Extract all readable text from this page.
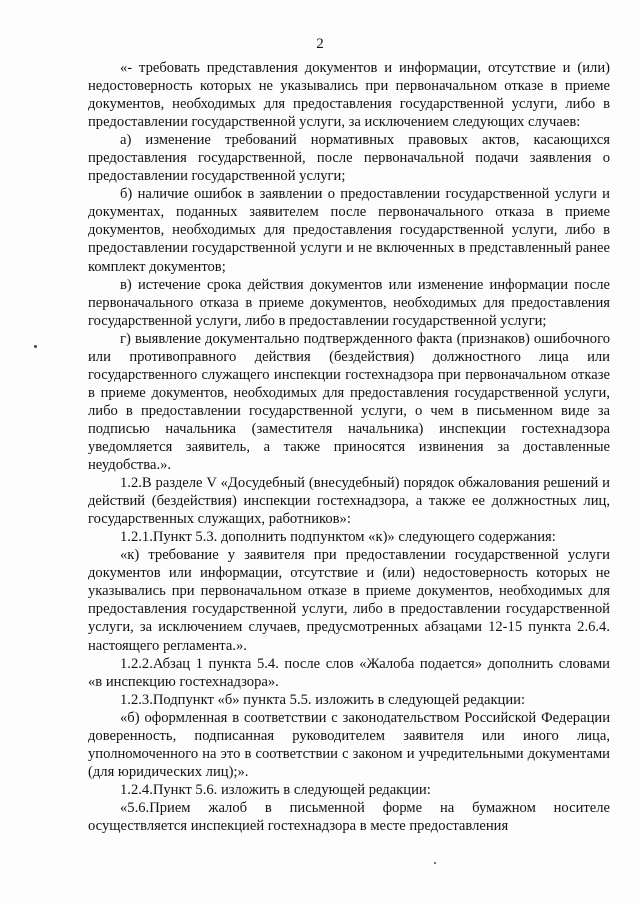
2

«- требовать представления документов и информации, отсутствие и (или) недостоверность которых не указывались при первоначальном отказе в приеме документов, необходимых для предоставления государственной услуги, либо в предоставлении государственной услуги, за исключением следующих случаев:

а) изменение требований нормативных правовых актов, касающихся предоставления государственной, после первоначальной подачи заявления о предоставлении государственной услуги;

б) наличие ошибок в заявлении о предоставлении государственной услуги и документах, поданных заявителем после первоначального отказа в приеме документов, необходимых для предоставления государственной услуги, либо в предоставлении государственной услуги и не включенных в представленный ранее комплект документов;

в) истечение срока действия документов или изменение информации после первоначального отказа в приеме документов, необходимых для предоставления государственной услуги, либо в предоставлении государственной услуги;

г) выявление документально подтвержденного факта (признаков) ошибочного или противоправного действия (бездействия) должностного лица или государственного служащего инспекции гостехнадзора при первоначальном отказе в приеме документов, необходимых для предоставления государственной услуги, либо в предоставлении государственной услуги, о чем в письменном виде за подписью начальника (заместителя начальника) инспекции гостехнадзора уведомляется заявитель, а также приносятся извинения за доставленные неудобства.».

1.2.В разделе V «Досудебный (внесудебный) порядок обжалования решений и действий (бездействия) инспекции гостехнадзора, а также ее должностных лиц, государственных служащих, работников»:

1.2.1.Пункт 5.3. дополнить подпунктом «к)» следующего содержания:

«к) требование у заявителя при предоставлении государственной услуги документов или информации, отсутствие и (или) недостоверность которых не указывались при первоначальном отказе в приеме документов, необходимых для предоставления государственной услуги, либо в предоставлении государственной услуги, за исключением случаев, предусмотренных абзацами 12-15 пункта 2.6.4. настоящего регламента.».

1.2.2.Абзац 1 пункта 5.4. после слов «Жалоба подается» дополнить словами «в инспекцию гостехнадзора».

1.2.3.Подпункт «б» пункта 5.5. изложить в следующей редакции:

«б) оформленная в соответствии с законодательством Российской Федерации доверенность, подписанная руководителем заявителя или иного лица, уполномоченного на это в соответствии с законом и учредительными документами (для юридических лиц);».

1.2.4.Пункт 5.6. изложить в следующей редакции:

«5.6.Прием жалоб в письменной форме на бумажном носителе осуществляется инспекцией гостехнадзора в месте предоставления
